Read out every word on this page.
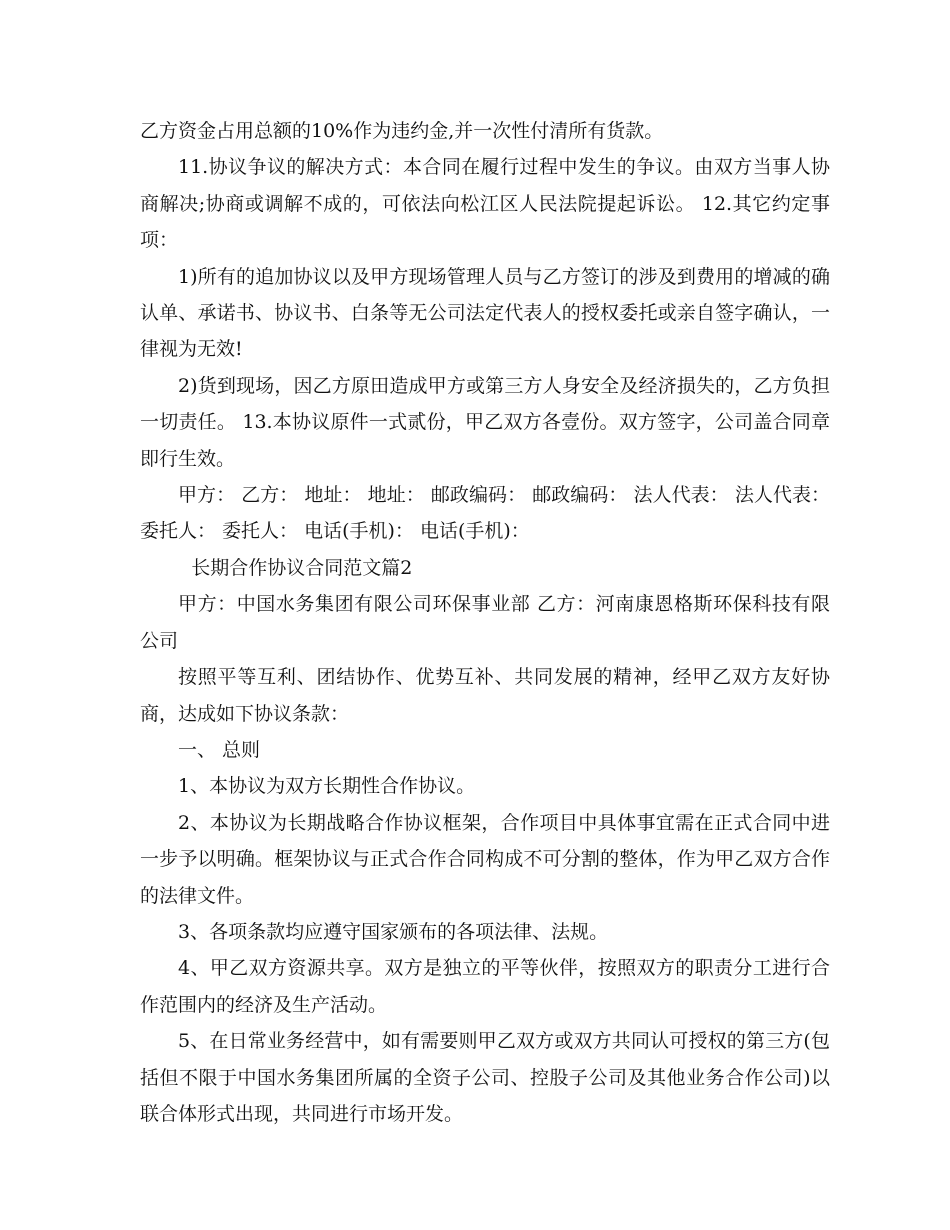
乙方资金占用总额的10%作为违约金,并一次性付清所有货款。

11.协议争议的解决方式：本合同在履行过程中发生的争议。由双方当事人协商解决;协商或调解不成的，可依法向松江区人民法院提起诉讼。 12.其它约定事项：

1)所有的追加协议以及甲方现场管理人员与乙方签订的涉及到费用的增减的确认单、承诺书、协议书、白条等无公司法定代表人的授权委托或亲自签字确认，一律视为无效!

2)货到现场，因乙方原田造成甲方或第三方人身安全及经济损失的，乙方负担一切责任。 13.本协议原件一式贰份，甲乙双方各壹份。双方签字，公司盖合同章即行生效。

甲方： 乙方： 地址： 地址： 邮政编码： 邮政编码： 法人代表： 法人代表： 委托人： 委托人： 电话(手机)： 电话(手机)：

长期合作协议合同范文篇2

甲方：中国水务集团有限公司环保事业部 乙方：河南康恩格斯环保科技有限公司

按照平等互利、团结协作、优势互补、共同发展的精神，经甲乙双方友好协商，达成如下协议条款：

一、 总则

1、本协议为双方长期性合作协议。

2、本协议为长期战略合作协议框架，合作项目中具体事宜需在正式合同中进一步予以明确。框架协议与正式合作合同构成不可分割的整体，作为甲乙双方合作的法律文件。

3、各项条款均应遵守国家颁布的各项法律、法规。

4、甲乙双方资源共享。双方是独立的平等伙伴，按照双方的职责分工进行合作范围内的经济及生产活动。

5、在日常业务经营中，如有需要则甲乙双方或双方共同认可授权的第三方(包括但不限于中国水务集团所属的全资子公司、控股子公司及其他业务合作公司)以联合体形式出现，共同进行市场开发。
